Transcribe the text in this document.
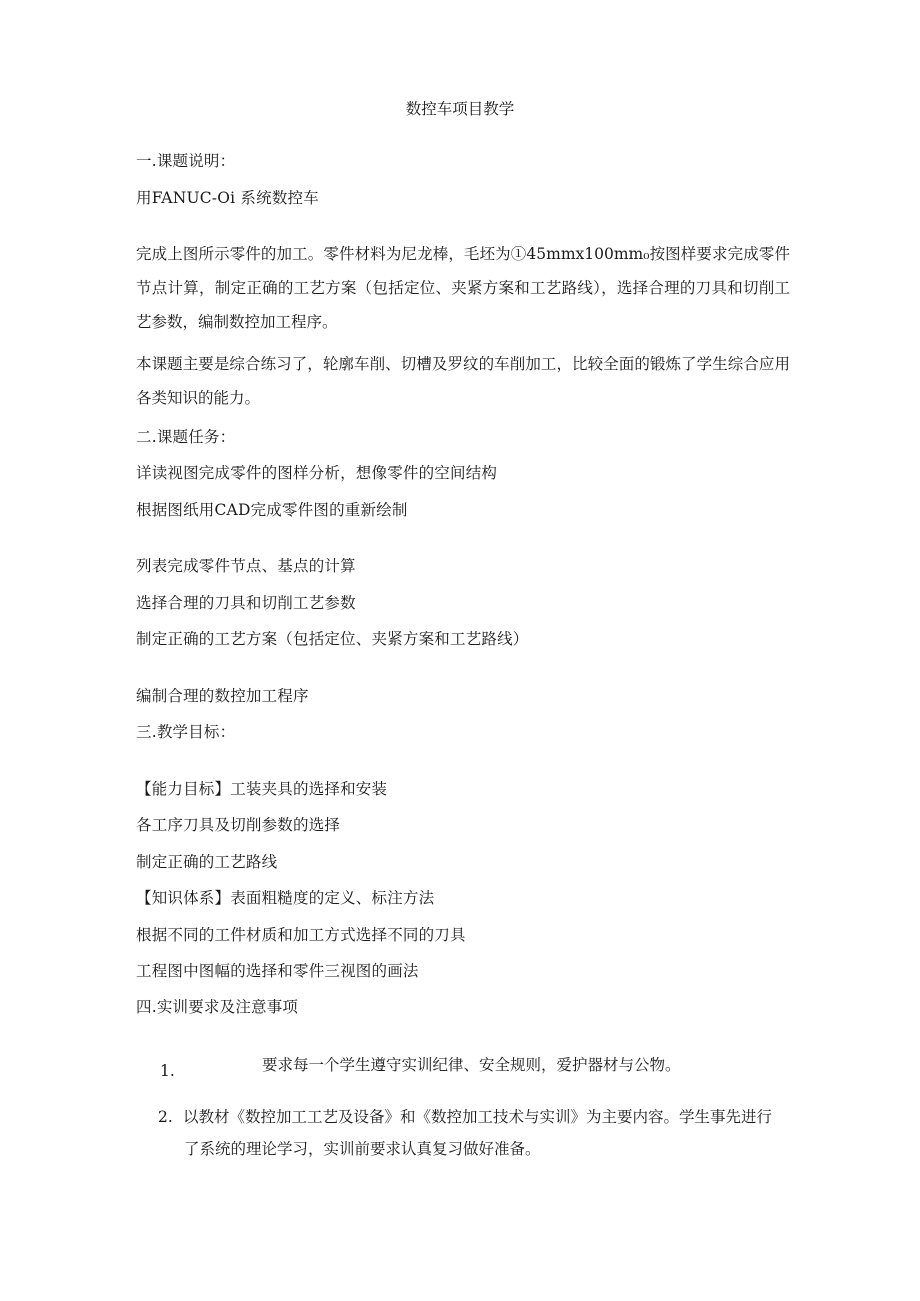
数控车项目教学
一.课题说明：
用FANUC-Oi 系统数控车
完成上图所示零件的加工。零件材料为尼龙棒，毛坯为①45mmx100mm₀按图样要求完成零件节点计算，制定正确的工艺方案（包括定位、夹紧方案和工艺路线），选择合理的刀具和切削工艺参数，编制数控加工程序。
本课题主要是综合练习了，轮廓车削、切槽及罗纹的车削加工，比较全面的锻炼了学生综合应用各类知识的能力。
二.课题任务：
详读视图完成零件的图样分析，想像零件的空间结构
根据图纸用CAD完成零件图的重新绘制
列表完成零件节点、基点的计算
选择合理的刀具和切削工艺参数
制定正确的工艺方案（包括定位、夹紧方案和工艺路线）
编制合理的数控加工程序
三.教学目标：
【能力目标】工装夹具的选择和安装
各工序刀具及切削参数的选择
制定正确的工艺路线
【知识体系】表面粗糙度的定义、标注方法
根据不同的工件材质和加工方式选择不同的刀具
工程图中图幅的选择和零件三视图的画法
四.实训要求及注意事项
1.	要求每一个学生遵守实训纪律、安全规则，爱护器材与公物。
2. 以教材《数控加工工艺及设备》和《数控加工技术与实训》为主要内容。学生事先进行了系统的理论学习，实训前要求认真复习做好准备。
